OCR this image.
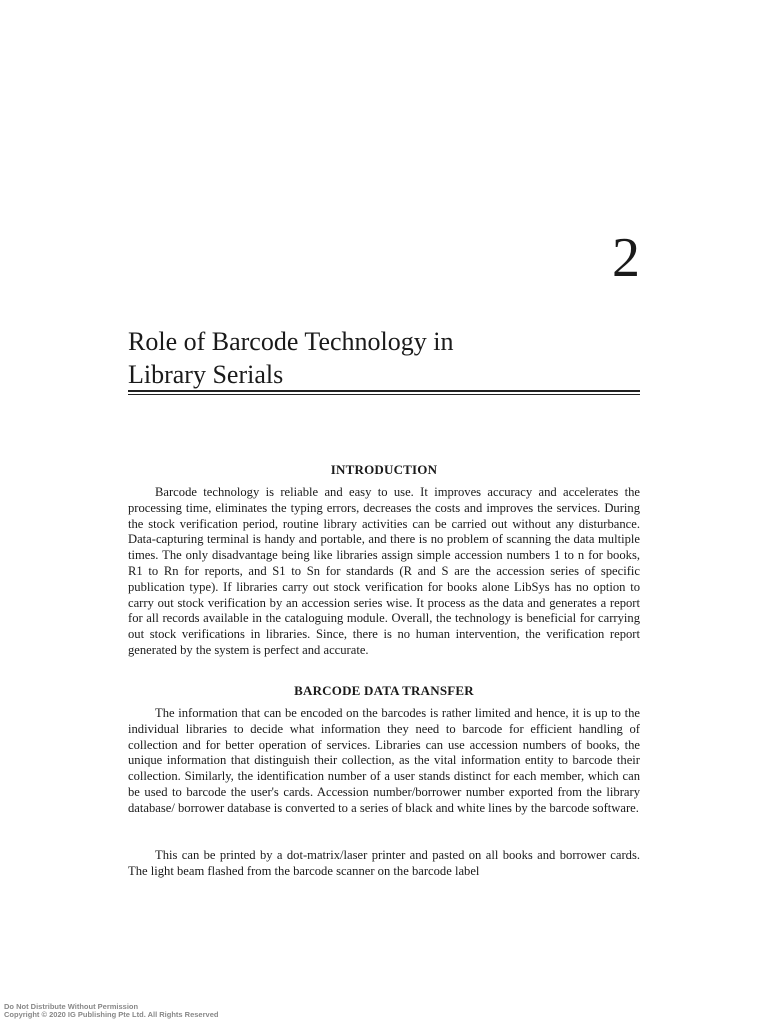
2
Role of Barcode Technology in
Library Serials
INTRODUCTION

Barcode technology is reliable and easy to use. It improves accuracy and accelerates the processing time, eliminates the typing errors, decreases the costs and improves the services. During the stock verification period, routine library activities can be carried out without any disturbance. Data-capturing terminal is handy and portable, and there is no problem of scanning the data multiple times. The only disadvantage being like libraries assign simple accession numbers 1 to n for books, R1 to Rn for reports, and S1 to Sn for standards (R and S are the accession series of specific publication type). If libraries carry out stock verification for books alone LibSys has no option to carry out stock verification by an accession series wise. It process as the data and generates a report for all records available in the cataloguing module. Overall, the technology is beneficial for carrying out stock verifications in libraries. Since, there is no human intervention, the verification report generated by the system is perfect and accurate.

BARCODE DATA TRANSFER

The information that can be encoded on the barcodes is rather limited and hence, it is up to the individual libraries to decide what information they need to barcode for efficient handling of collection and for better operation of services. Libraries can use accession numbers of books, the unique information that distinguish their collection, as the vital information entity to barcode their collection. Similarly, the identification number of a user stands distinct for each member, which can be used to barcode the user's cards. Accession number/borrower number exported from the library database/ borrower database is converted to a series of black and white lines by the barcode software.

This can be printed by a dot-matrix/laser printer and pasted on all books and borrower cards. The light beam flashed from the barcode scanner on the barcode label

Do Not Distribute Without Permission
Copyright © 2020 IG Publishing Pte Ltd. All Rights Reserved
